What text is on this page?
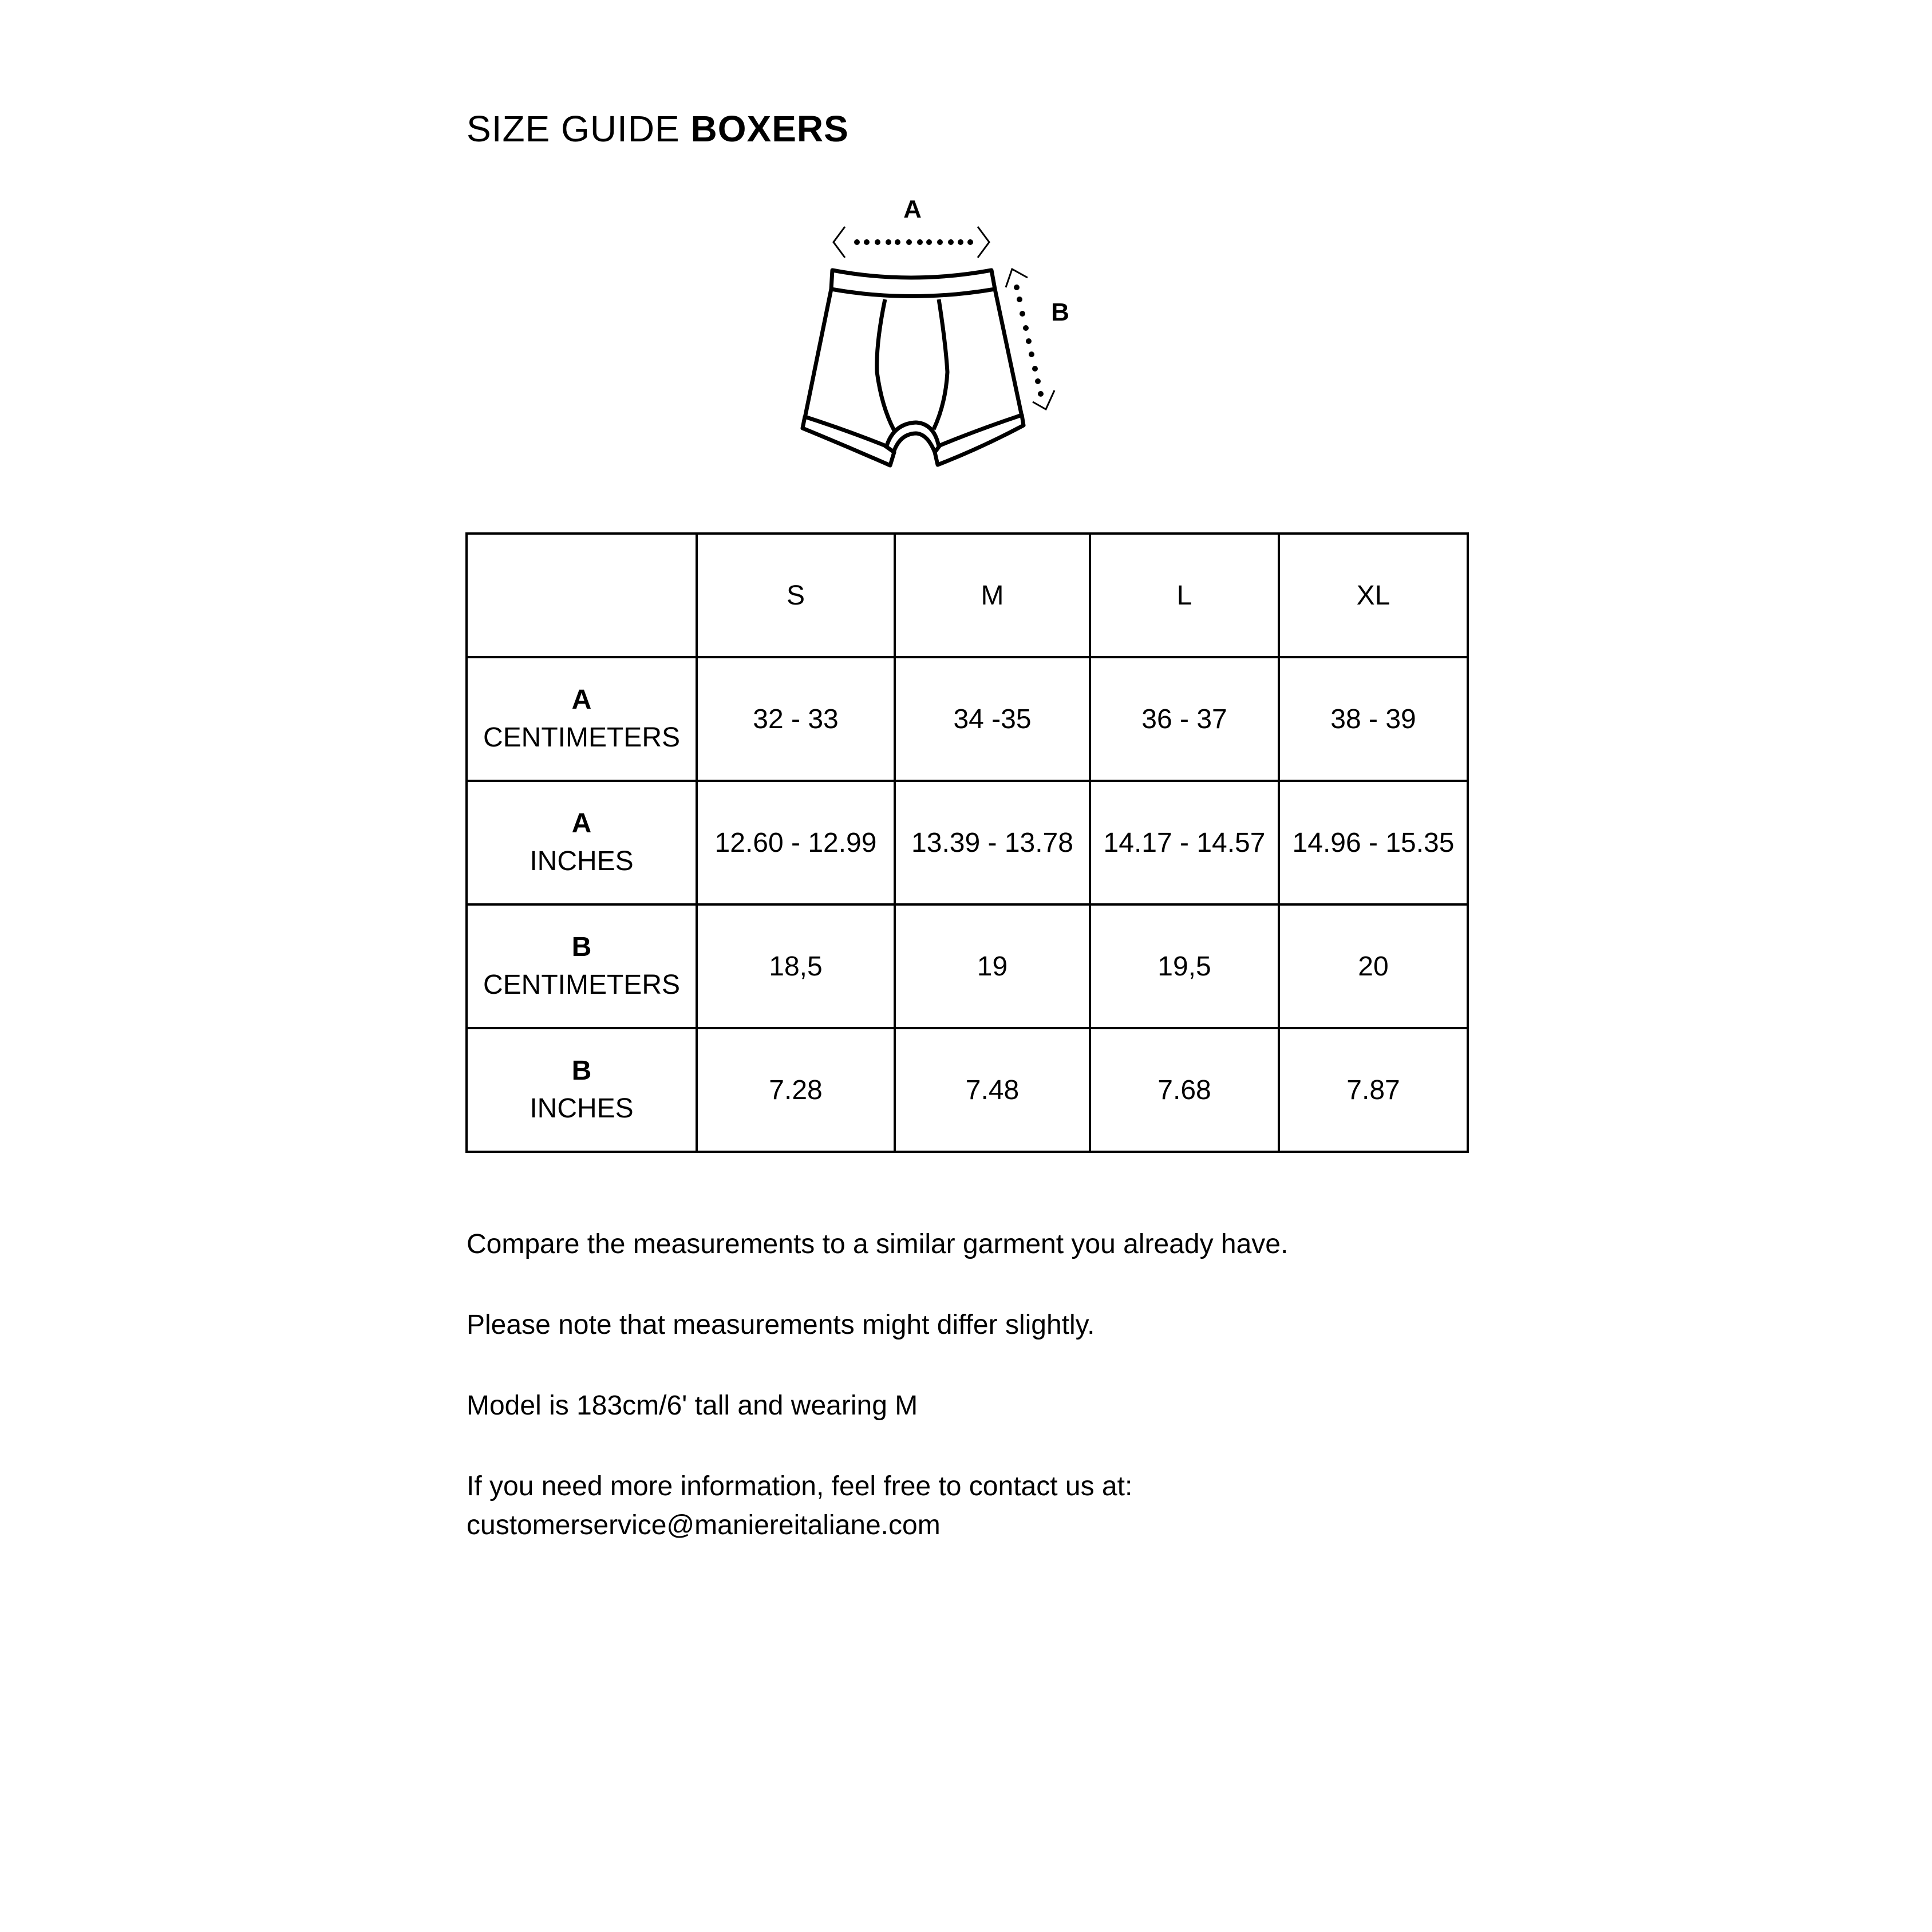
SIZE GUIDE BOXERS
A
B
	S	M	L	XL

A
CENTIMETERS	32 - 33	34 -35	36 - 37	38 - 39

A
INCHES	12.60 - 12.99	13.39 - 13.78	14.17 - 14.57	14.96 - 15.35

B
CENTIMETERS	18,5	19	19,5	20

B
INCHES	7.28	7.48	7.68	7.87

Compare the measurements to a similar garment you already have.

Please note that measurements might differ slightly.

Model is 183cm/6' tall and wearing M

If you need more information, feel free to contact us at:
customerservice@maniereitaliane.com
